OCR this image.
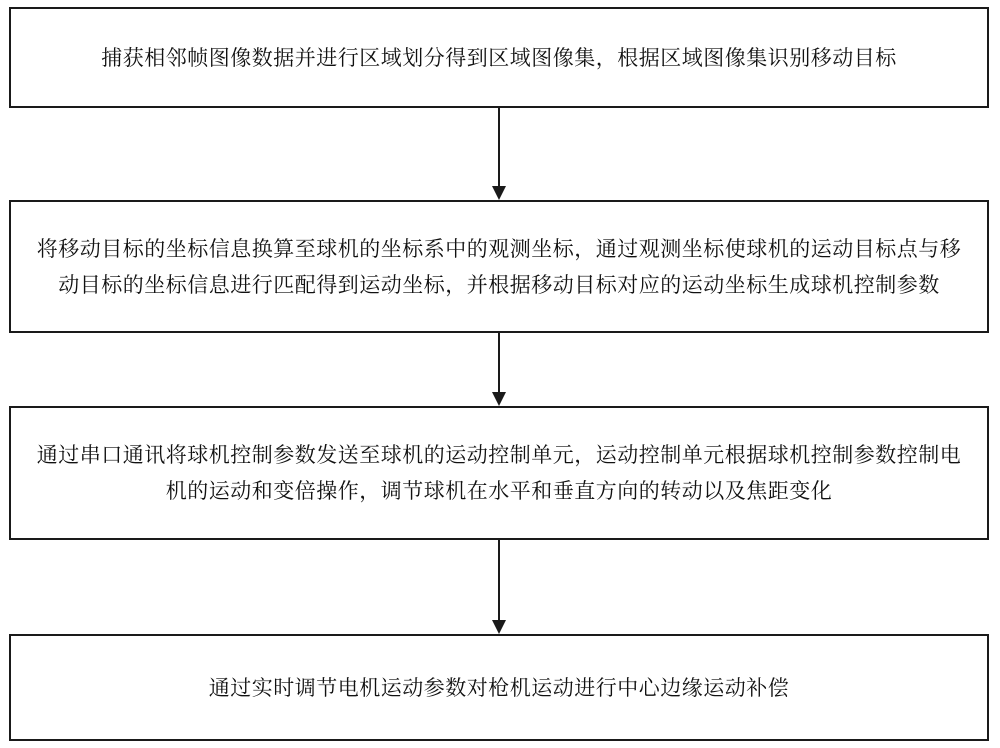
捕获相邻帧图像数据并进行区域划分得到区域图像集，根据区域图像集识别移动目标
将移动目标的坐标信息换算至球机的坐标系中的观测坐标，通过观测坐标使球机的运动目标点与移动目标的坐标信息进行匹配得到运动坐标，并根据移动目标对应的运动坐标生成球机控制参数
通过串口通讯将球机控制参数发送至球机的运动控制单元，运动控制单元根据球机控制参数控制电机的运动和变倍操作，调节球机在水平和垂直方向的转动以及焦距变化
通过实时调节电机运动参数对枪机运动进行中心边缘运动补偿
